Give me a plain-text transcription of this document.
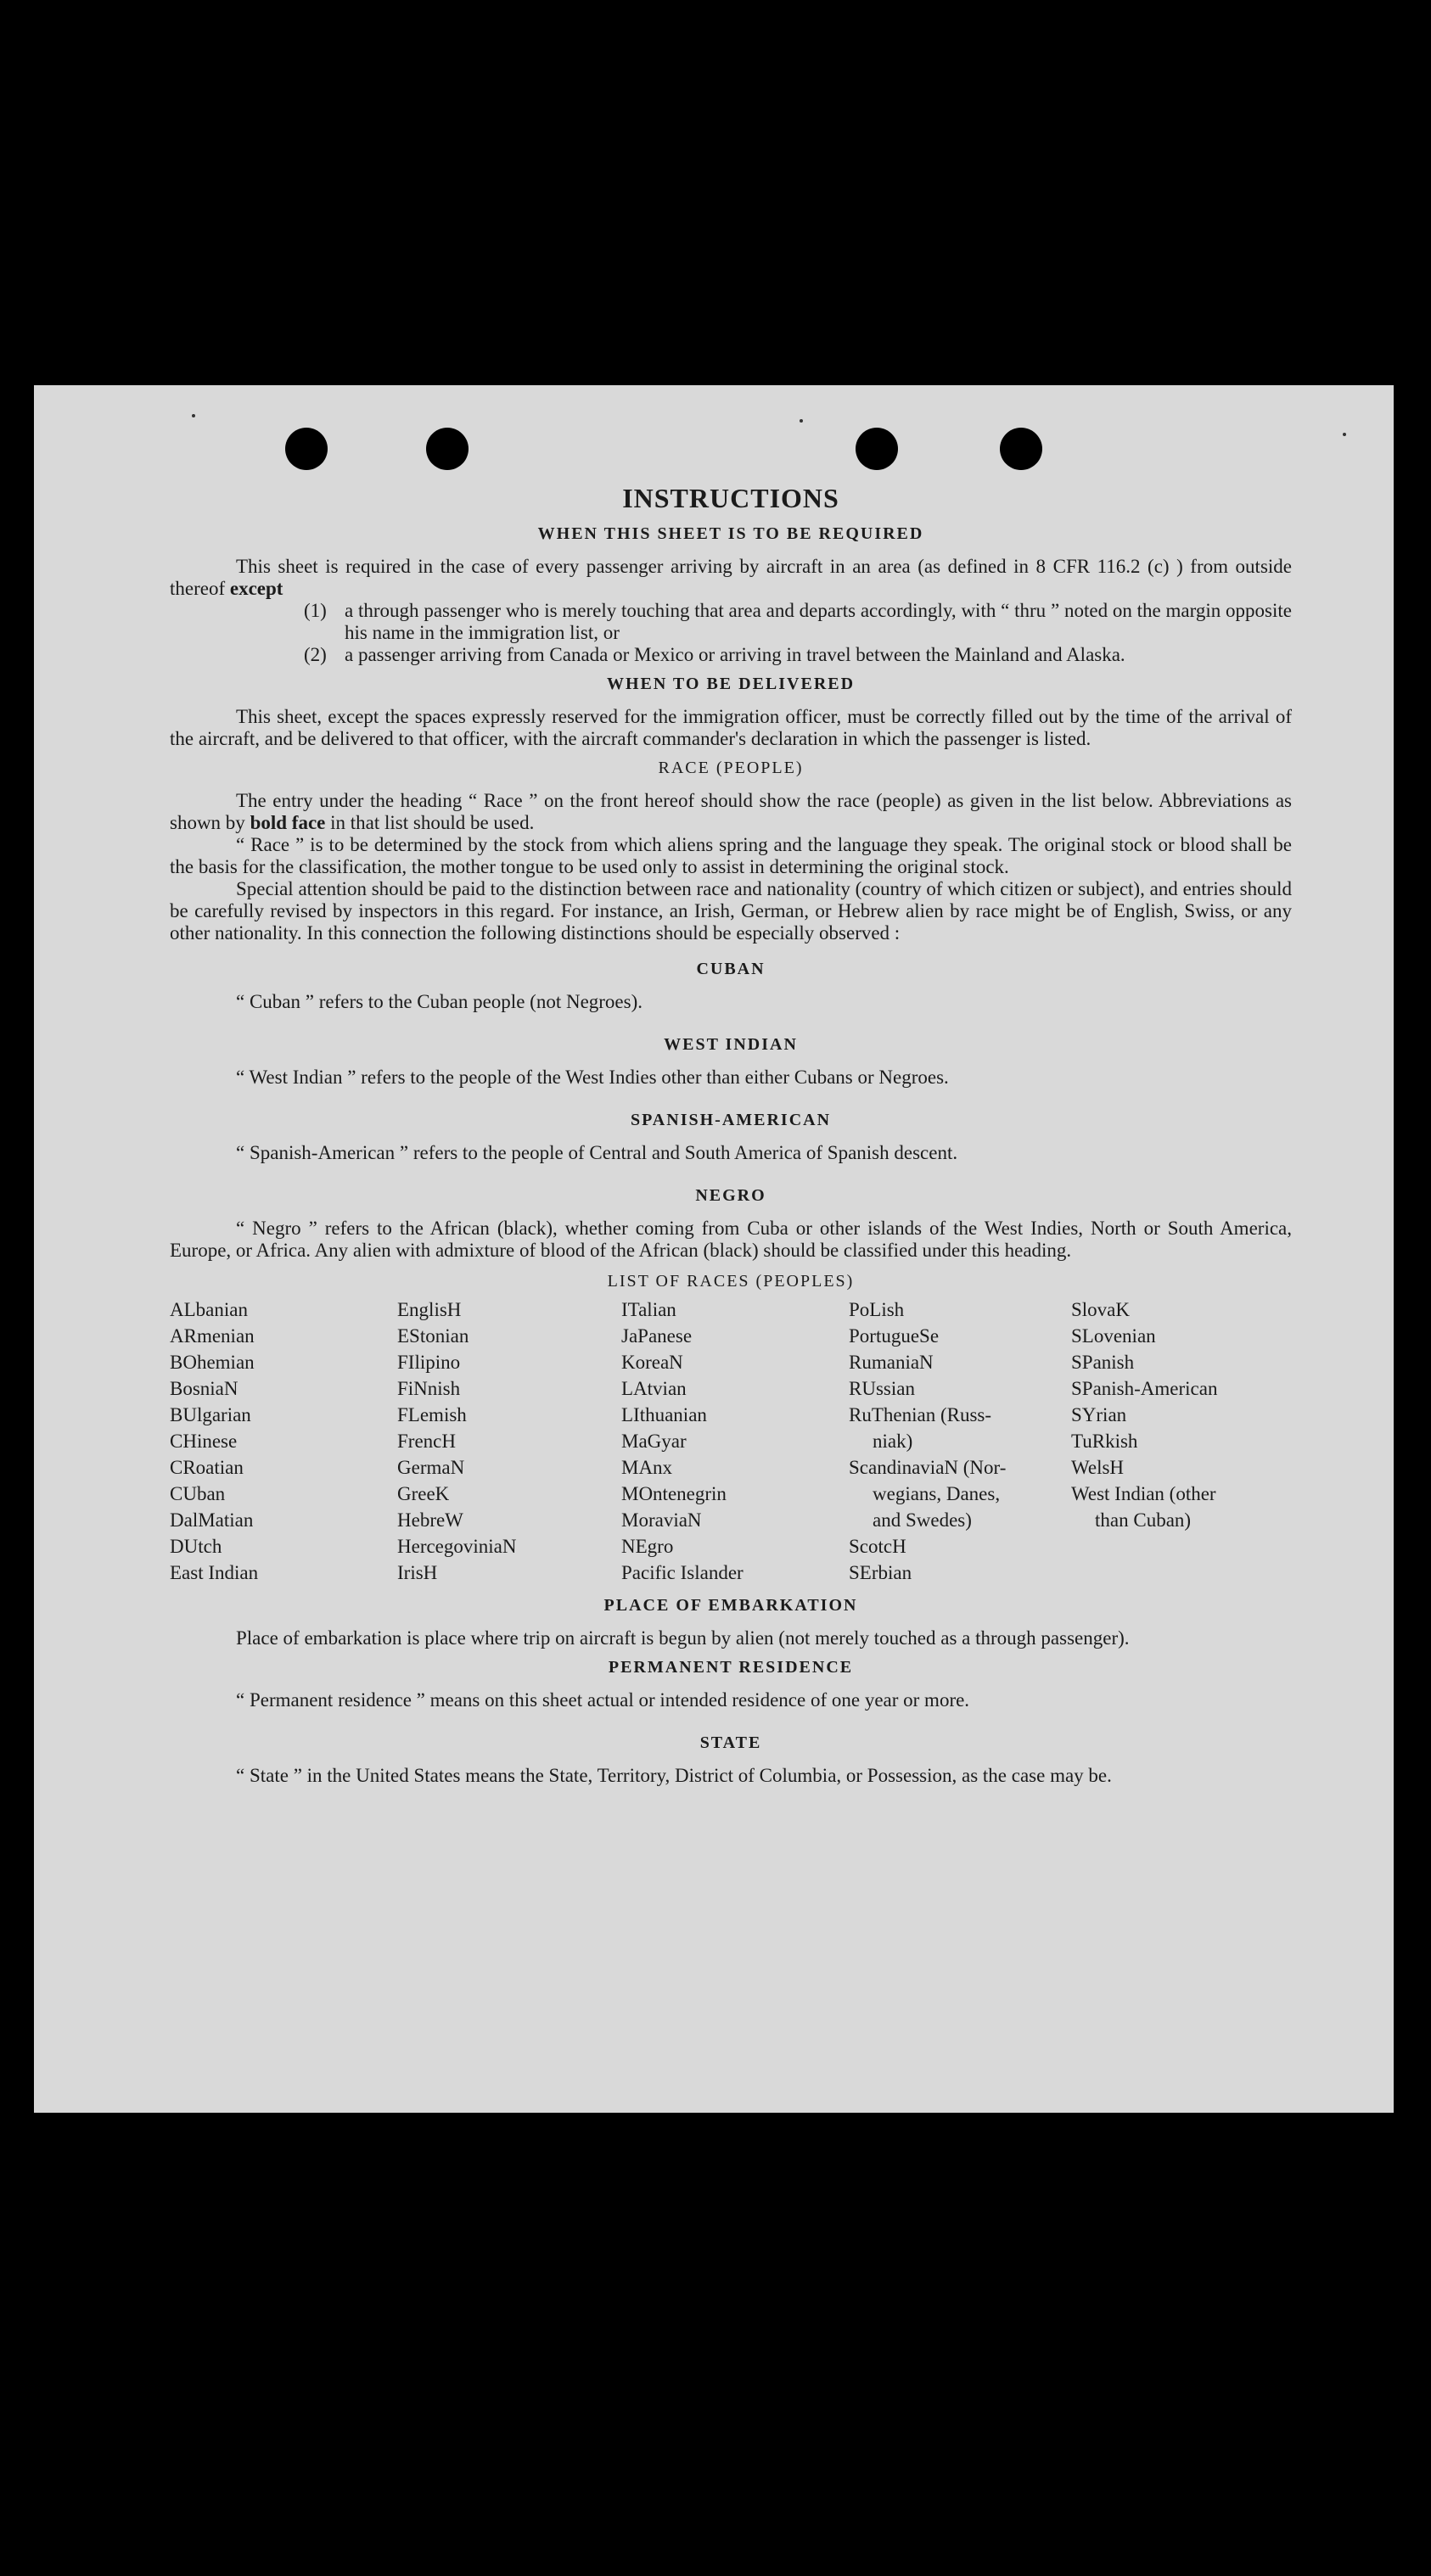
INSTRUCTIONS
WHEN THIS SHEET IS TO BE REQUIRED

This sheet is required in the case of every passenger arriving by aircraft in an area (as defined in 8 CFR 116.2 (c) ) from outside thereof except

(1) a through passenger who is merely touching that area and departs accordingly, with “ thru ” noted on the margin opposite his name in the immigration list, or
(2) a passenger arriving from Canada or Mexico or arriving in travel between the Mainland and Alaska.
WHEN TO BE DELIVERED

This sheet, except the spaces expressly reserved for the immigration officer, must be correctly filled out by the time of the arrival of the aircraft, and be delivered to that officer, with the aircraft commander's declaration in which the passenger is listed.

RACE (PEOPLE)

The entry under the heading “ Race ” on the front hereof should show the race (people) as given in the list below. Abbreviations as shown by bold face in that list should be used.

“ Race ” is to be determined by the stock from which aliens spring and the language they speak. The original stock or blood shall be the basis for the classification, the mother tongue to be used only to assist in determining the original stock.

Special attention should be paid to the distinction between race and nationality (country of which citizen or subject), and entries should be carefully revised by inspectors in this regard. For instance, an Irish, German, or Hebrew alien by race might be of English, Swiss, or any other nationality. In this connection the following distinctions should be especially observed :

CUBAN
“ Cuban ” refers to the Cuban people (not Negroes).
WEST INDIAN
“ West Indian ” refers to the people of the West Indies other than either Cubans or Negroes.
SPANISH-AMERICAN
“ Spanish-American ” refers to the people of Central and South America of Spanish descent.
NEGRO

“ Negro ” refers to the African (black), whether coming from Cuba or other islands of the West Indies, North or South America, Europe, or Africa. Any alien with admixture of blood of the African (black) should be classified under this heading.

LIST OF RACES (PEOPLES)
ALbanian
ARmenian
BOhemian
BosniaN
BUlgarian
CHinese
CRoatian
CUban
DalMatian
DUtch
East Indian
EnglisH
EStonian
FIlipino
FiNnish
FLemish
FrencH
GermaN
GreeK
HebreW
HercegoviniaN
IrisH
ITalian
JaPanese
KoreaN
LAtvian
LIthuanian
MaGyar
MAnx
MOntenegrin
MoraviaN
NEgro
Pacific Islander
PoLish
PortugueSe
RumaniaN
RUssian
RuThenian (Russ-
niak)
ScandinaviaN (Nor-
wegians, Danes,
and Swedes)
ScotcH
SErbian
SlovaK
SLovenian
SPanish
SPanish-American
SYrian
TuRkish
WelsH
West Indian (other
than Cuban)
PLACE OF EMBARKATION

Place of embarkation is place where trip on aircraft is begun by alien (not merely touched as a through passenger).

PERMANENT RESIDENCE
“ Permanent residence ” means on this sheet actual or intended residence of one year or more.
STATE

“ State ” in the United States means the State, Territory, District of Columbia, or Possession, as the case may be.
